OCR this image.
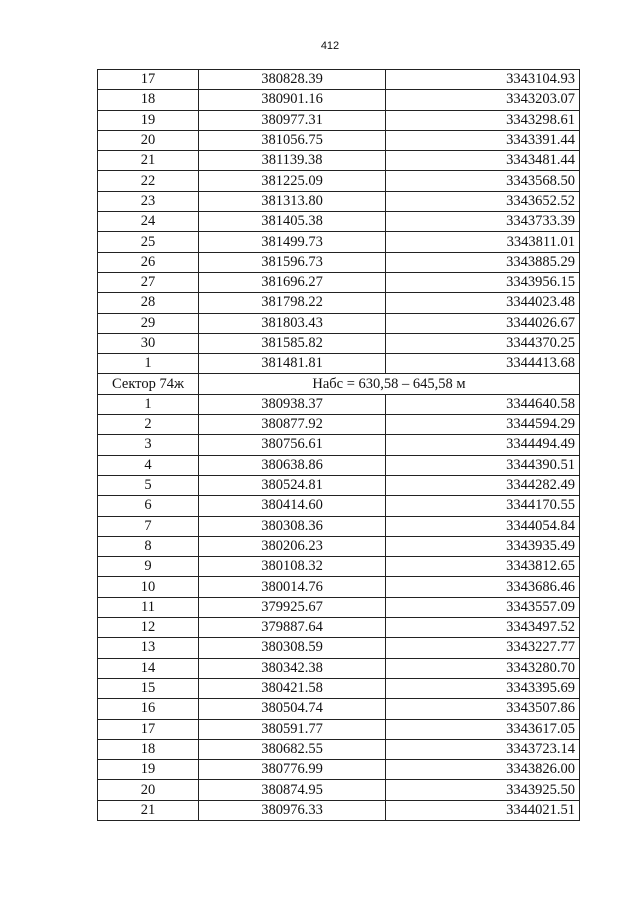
412
17	380828.39	3343104.93
18	380901.16	3343203.07
19	380977.31	3343298.61
20	381056.75	3343391.44
21	381139.38	3343481.44
22	381225.09	3343568.50
23	381313.80	3343652.52
24	381405.38	3343733.39
25	381499.73	3343811.01
26	381596.73	3343885.29
27	381696.27	3343956.15
28	381798.22	3344023.48
29	381803.43	3344026.67
30	381585.82	3344370.25
1	381481.81	3344413.68
Сектор 74ж	Набс = 630,58 – 645,58 м	
1	380938.37	3344640.58
2	380877.92	3344594.29
3	380756.61	3344494.49
4	380638.86	3344390.51
5	380524.81	3344282.49
6	380414.60	3344170.55
7	380308.36	3344054.84
8	380206.23	3343935.49
9	380108.32	3343812.65
10	380014.76	3343686.46
11	379925.67	3343557.09
12	379887.64	3343497.52
13	380308.59	3343227.77
14	380342.38	3343280.70
15	380421.58	3343395.69
16	380504.74	3343507.86
17	380591.77	3343617.05
18	380682.55	3343723.14
19	380776.99	3343826.00
20	380874.95	3343925.50
21	380976.33	3344021.51
